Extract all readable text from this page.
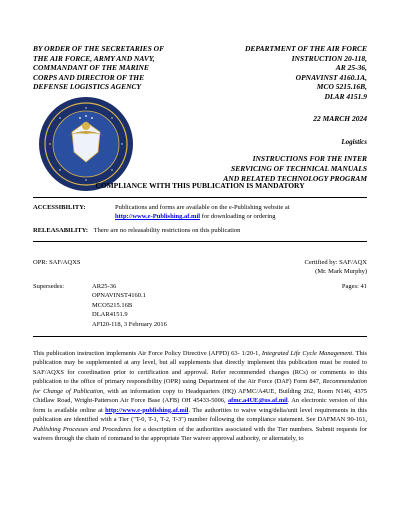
BY ORDER OF THE SECRETARIES OF
THE AIR FORCE, ARMY AND NAVY,
COMMANDANT OF THE MARINE
CORPS AND DIRECTOR OF THE
DEFENSE LOGISTICS AGENCY
DEPARTMENT OF THE AIR FORCE
INSTRUCTION 20-118,
AR 25-36,
OPNAVINST 4160.1A,
MCO 5215.16B,
DLAR 4151.9
22 MARCH 2024
Logistics
INSTRUCTIONS FOR THE INTER
SERVICING OF TECHNICAL MANUALS
AND RELATED TECHNOLOGY PROGRAM
COMPLIANCE WITH THIS PUBLICATION IS MANDATORY
ACCESSIBILITY:	Publications and forms are available on the e-Publishing website at
http://www.e-Publishing.af.mil for downloading or ordering
RELEASABILITY: There are no releasability restrictions on this publication
OPR: SAF/AQXS	Certified by: SAF/AQX
(Mr. Mark Murphy)
Supersedes:	Pages: 41
AR25-36
OPNAVINST4160.1
MCO5215.16B
DLAR4151.9
AFI20-118, 3 February 2016
This publication instruction implements Air Force Policy Directive (AFPD) 63- 1/20-1, Integrated Life Cycle Management. This publication may be supplemented at any level, but all supplements that directly implement this publication must be routed to SAF/AQXS for coordination prior to certification and approval. Refer recommended changes (RCs) or comments to this publication to the office of primary responsibility (OPR) using Department of the Air Force (DAF) Form 847, Recommendation for Change of Publication, with an information copy to Headquarters (HQ) AFMC/A4UE, Building 262, Room N146, 4375 Chidlaw Road, Wright-Patterson Air Force Base (AFB) OH 45433-5006, afmc.a4UE@us.af.mil. An electronic version of this form is available online at http://www.e-publishing.af.mil. The authorities to waive wing/delta/unit level requirements in this publication are identified with a Tier ("T-0, T-1, T-2, T-3") number following the compliance statement. See DAFMAN 90-161, Publishing Processes and Procedures for a description of the authorities associated with the Tier numbers. Submit requests for waivers through the chain of command to the appropriate Tier waiver approval authority, or alternately, to
